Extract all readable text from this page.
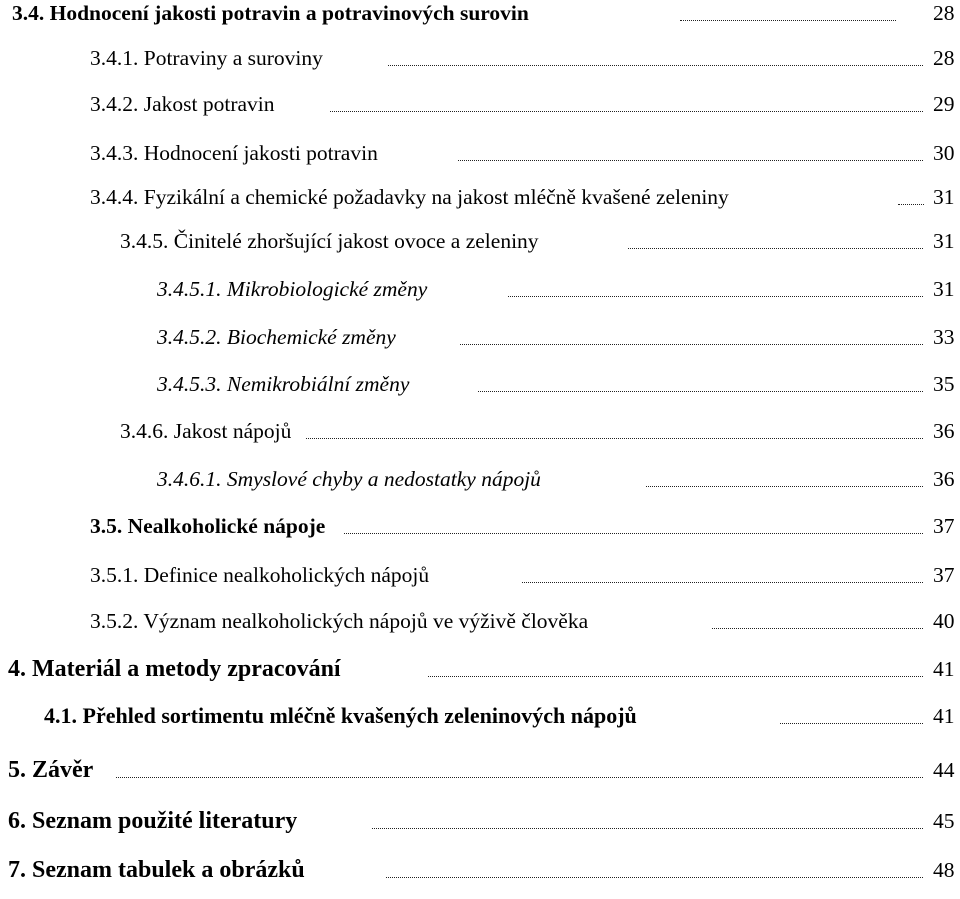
3.4. Hodnocení jakosti potravin a potravinových surovin	28
3.4.1. Potraviny a suroviny	28
3.4.2. Jakost potravin	29
3.4.3. Hodnocení jakosti potravin	30
3.4.4. Fyzikální a chemické požadavky na jakost mléčně kvašené zeleniny	31
3.4.5. Činitelé zhoršující jakost ovoce a zeleniny	31
3.4.5.1. Mikrobiologické změny	31
3.4.5.2. Biochemické změny	33
3.4.5.3. Nemikrobiální změny	35
3.4.6. Jakost nápojů	36
3.4.6.1. Smyslové chyby a nedostatky nápojů	36
3.5. Nealkoholické nápoje	37
3.5.1. Definice nealkoholických nápojů	37
3.5.2. Význam nealkoholických nápojů ve výživě člověka	40
4. Materiál a metody zpracování	41
4.1. Přehled sortimentu mléčně kvašených zeleninových nápojů	41
5. Závěr	44
6. Seznam použité literatury	45
7. Seznam tabulek a obrázků	48
